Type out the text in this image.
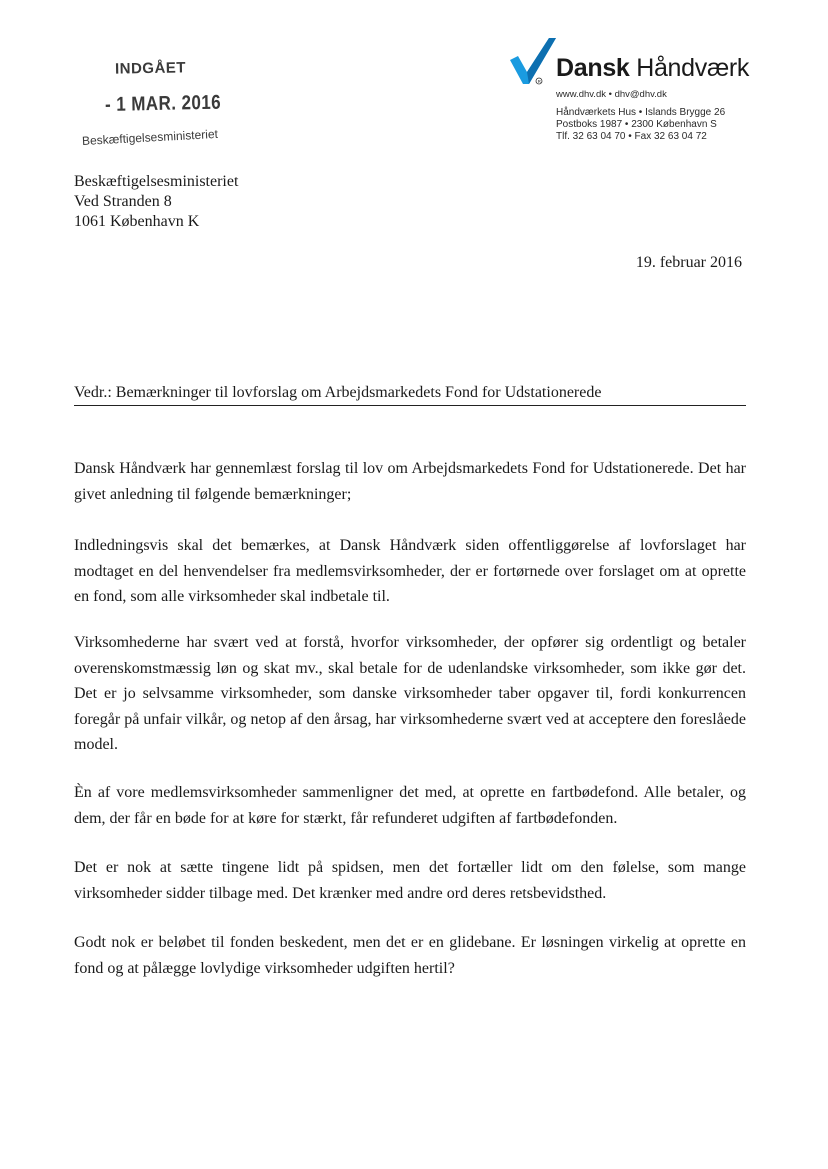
INDGÅET
- 1 MAR. 2016
Beskæftigelsesministeriet
R Dansk Håndværk
www.dhv.dk • dhv@dhv.dk
Håndværkets Hus • Islands Brygge 26
Postboks 1987 • 2300 København S
Tlf. 32 63 04 70 • Fax 32 63 04 72
Beskæftigelsesministeriet
Ved Stranden 8
1061 København K
19. februar 2016
Vedr.: Bemærkninger til lovforslag om Arbejdsmarkedets Fond for Udstationerede
Dansk Håndværk har gennemlæst forslag til lov om Arbejdsmarkedets Fond for Udstationerede. Det har givet anledning til følgende bemærkninger;
Indledningsvis skal det bemærkes, at Dansk Håndværk siden offentliggørelse af lovforslaget har modtaget en del henvendelser fra medlemsvirksomheder, der er fortørnede over forslaget om at oprette en fond, som alle virksomheder skal indbetale til.
Virksomhederne har svært ved at forstå, hvorfor virksomheder, der opfører sig ordentligt og betaler overenskomstmæssig løn og skat mv., skal betale for de udenlandske virksomheder, som ikke gør det. Det er jo selvsamme virksomheder, som danske virksomheder taber opgaver til, fordi konkurrencen foregår på unfair vilkår, og netop af den årsag, har virksomhederne svært ved at acceptere den foreslåede model.
Èn af vore medlemsvirksomheder sammenligner det med, at oprette en fartbødefond. Alle betaler, og dem, der får en bøde for at køre for stærkt, får refunderet udgiften af fartbødefonden.
Det er nok at sætte tingene lidt på spidsen, men det fortæller lidt om den følelse, som mange virksomheder sidder tilbage med. Det krænker med andre ord deres retsbevidsthed.
Godt nok er beløbet til fonden beskedent, men det er en glidebane. Er løsningen virkelig at oprette en fond og at pålægge lovlydige virksomheder udgiften hertil?
